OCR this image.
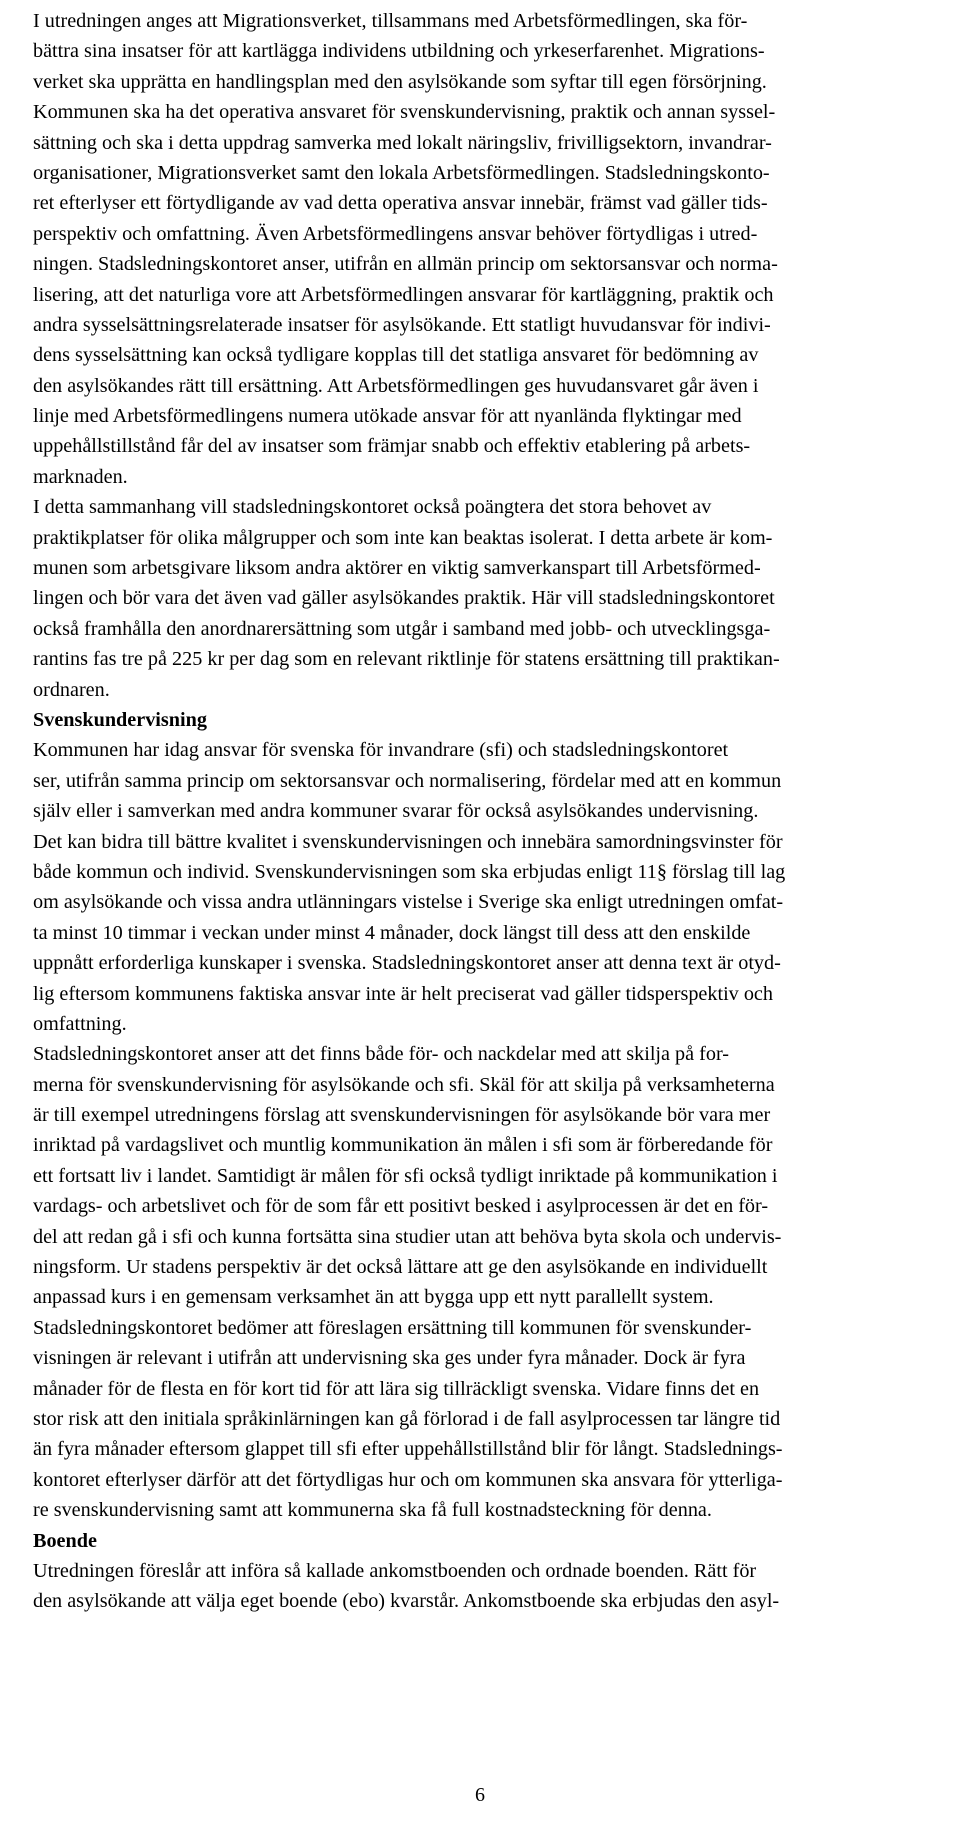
I utredningen anges att Migrationsverket, tillsammans med Arbetsförmedlingen, ska för-
bättra sina insatser för att kartlägga individens utbildning och yrkeserfarenhet. Migrations-
verket ska upprätta en handlingsplan med den asylsökande som syftar till egen försörjning.
Kommunen ska ha det operativa ansvaret för svenskundervisning, praktik och annan syssel-
sättning och ska i detta uppdrag samverka med lokalt näringsliv, frivilligsektorn, invandrar-
organisationer, Migrationsverket samt den lokala Arbetsförmedlingen. Stadsledningskonto-
ret efterlyser ett förtydligande av vad detta operativa ansvar innebär, främst vad gäller tids-
perspektiv och omfattning. Även Arbetsförmedlingens ansvar behöver förtydligas i utred-
ningen. Stadsledningskontoret anser, utifrån en allmän princip om sektorsansvar och norma-
lisering, att det naturliga vore att Arbetsförmedlingen ansvarar för kartläggning, praktik och
andra sysselsättningsrelaterade insatser för asylsökande. Ett statligt huvudansvar för indivi-
dens sysselsättning kan också tydligare kopplas till det statliga ansvaret för bedömning av
den asylsökandes rätt till ersättning. Att Arbetsförmedlingen ges huvudansvaret går även i
linje med Arbetsförmedlingens numera utökade ansvar för att nyanlända flyktingar med
uppehållstillstånd får del av insatser som främjar snabb och effektiv etablering på arbets-
marknaden.
I detta sammanhang vill stadsledningskontoret också poängtera det stora behovet av
praktikplatser för olika målgrupper och som inte kan beaktas isolerat. I detta arbete är kom-
munen som arbetsgivare liksom andra aktörer en viktig samverkanspart till Arbetsförmed-
lingen och bör vara det även vad gäller asylsökandes praktik. Här vill stadsledningskontoret
också framhålla den anordnarersättning som utgår i samband med jobb- och utvecklingsga-
rantins fas tre på 225 kr per dag som en relevant riktlinje för statens ersättning till praktikan-
ordnaren.
Svenskundervisning
Kommunen har idag ansvar för svenska för invandrare (sfi) och stadsledningskontoret
ser, utifrån samma princip om sektorsansvar och normalisering, fördelar med att en kommun
själv eller i samverkan med andra kommuner svarar för också asylsökandes undervisning.
Det kan bidra till bättre kvalitet i svenskundervisningen och innebära samordningsvinster för
både kommun och individ. Svenskundervisningen som ska erbjudas enligt 11§ förslag till lag
om asylsökande och vissa andra utlänningars vistelse i Sverige ska enligt utredningen omfat-
ta minst 10 timmar i veckan under minst 4 månader, dock längst till dess att den enskilde
uppnått erforderliga kunskaper i svenska. Stadsledningskontoret anser att denna text är otyd-
lig eftersom kommunens faktiska ansvar inte är helt preciserat vad gäller tidsperspektiv och
omfattning.
Stadsledningskontoret anser att det finns både för- och nackdelar med att skilja på for-
merna för svenskundervisning för asylsökande och sfi. Skäl för att skilja på verksamheterna
är till exempel utredningens förslag att svenskundervisningen för asylsökande bör vara mer
inriktad på vardagslivet och muntlig kommunikation än målen i sfi som är förberedande för
ett fortsatt liv i landet. Samtidigt är målen för sfi också tydligt inriktade på kommunikation i
vardags- och arbetslivet och för de som får ett positivt besked i asylprocessen är det en för-
del att redan gå i sfi och kunna fortsätta sina studier utan att behöva byta skola och undervis-
ningsform. Ur stadens perspektiv är det också lättare att ge den asylsökande en individuellt
anpassad kurs i en gemensam verksamhet än att bygga upp ett nytt parallellt system.
Stadsledningskontoret bedömer att föreslagen ersättning till kommunen för svenskunder-
visningen är relevant i utifrån att undervisning ska ges under fyra månader. Dock är fyra
månader för de flesta en för kort tid för att lära sig tillräckligt svenska. Vidare finns det en
stor risk att den initiala språkinlärningen kan gå förlorad i de fall asylprocessen tar längre tid
än fyra månader eftersom glappet till sfi efter uppehållstillstånd blir för långt. Stadslednings-
kontoret efterlyser därför att det förtydligas hur och om kommunen ska ansvara för ytterliga-
re svenskundervisning samt att kommunerna ska få full kostnadsteckning för denna.
Boende
Utredningen föreslår att införa så kallade ankomstboenden och ordnade boenden. Rätt för
den asylsökande att välja eget boende (ebo) kvarstår. Ankomstboende ska erbjudas den asyl-
6
